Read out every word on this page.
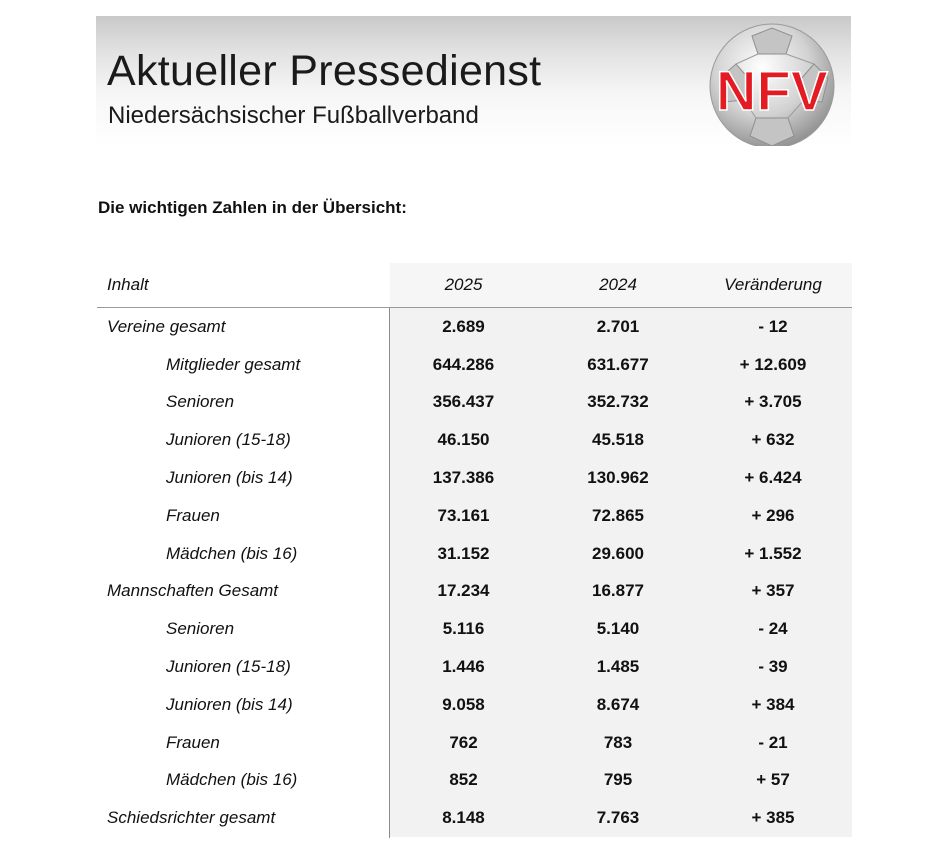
Aktueller Pressedienst
Niedersächsischer Fußballverband	NFV
Die wichtigen Zahlen in der Übersicht:
Inhalt	2025	2024	Veränderung
Vereine gesamt	2.689	2.701	- 12
Mitglieder gesamt	644.286	631.677	+ 12.609
Senioren	356.437	352.732	+ 3.705
Junioren (15-18)	46.150	45.518	+ 632
Junioren (bis 14)	137.386	130.962	+ 6.424
Frauen	73.161	72.865	+ 296
Mädchen (bis 16)	31.152	29.600	+ 1.552
Mannschaften Gesamt	17.234	16.877	+ 357
Senioren	5.116	5.140	- 24
Junioren (15-18)	1.446	1.485	- 39
Junioren (bis 14)	9.058	8.674	+ 384
Frauen	762	783	- 21
Mädchen (bis 16)	852	795	+ 57
Schiedsrichter gesamt	8.148	7.763	+ 385
